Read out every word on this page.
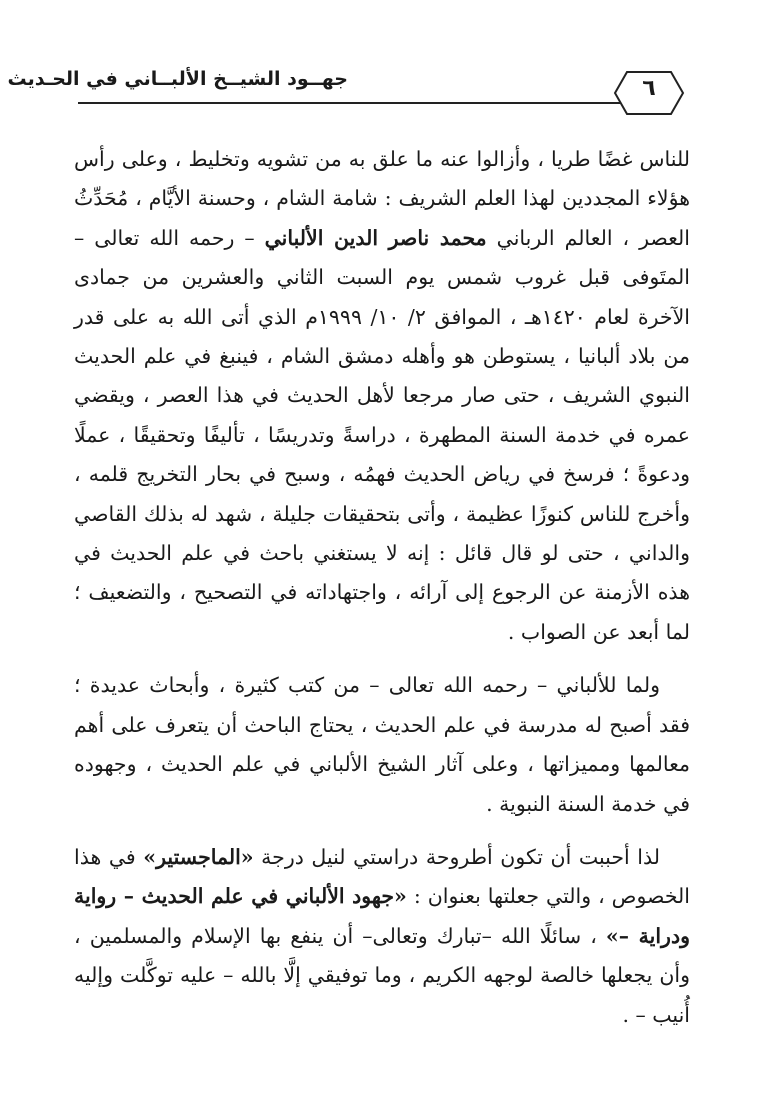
جهــود الشيــخ الألبــاني في الحـديث	٦

للناس غضًا طريا ، وأزالوا عنه ما علق به من تشويه وتخليط ، وعلى رأس هؤلاء المجددين لهذا العلم الشريف : شامة الشام ، وحسنة الأيَّام ، مُحَدِّثُ العصر ، العالم الرباني محمد ناصر الدين الألباني – رحمه الله تعالى – المتَوفى قبل غروب شمس يوم السبت الثاني والعشرين من جمادى الآخرة لعام ١٤٢٠هـ ، الموافق ٢/ ١٠/ ١٩٩٩م الذي أتى الله به على قدر من بلاد ألبانيا ، يستوطن هو وأهله دمشق الشام ، فينبغ في علم الحديث النبوي الشريف ، حتى صار مرجعا لأهل الحديث في هذا العصر ، ويقضي عمره في خدمة السنة المطهرة ، دراسةً وتدريسًا ، تأليفًا وتحقيقًا ، عملًا ودعوةً ؛ فرسخ في رياض الحديث فهمُه ، وسبح في بحار التخريج قلمه ، وأخرج للناس كنوزًا عظيمة ، وأتى بتحقيقات جليلة ، شهد له بذلك القاصي والداني ، حتى لو قال قائل : إنه لا يستغني باحث في علم الحديث في هذه الأزمنة عن الرجوع إلى آرائه ، واجتهاداته في التصحيح ، والتضعيف ؛ لما أبعد عن الصواب .

ولما للألباني – رحمه الله تعالى – من كتب كثيرة ، وأبحاث عديدة ؛ فقد أصبح له مدرسة في علم الحديث ، يحتاج الباحث أن يتعرف على أهم معالمها ومميزاتها ، وعلى آثار الشيخ الألباني في علم الحديث ، وجهوده في خدمة السنة النبوية .

لذا أحببت أن تكون أطروحة دراستي لنيل درجة «الماجستير» في هذا الخصوص ، والتي جعلتها بعنوان : «جهود الألباني في علم الحديث – رواية ودراية –» ، سائلًا الله –تبارك وتعالى– أن ينفع بها الإسلام والمسلمين ، وأن يجعلها خالصة لوجهه الكريم ، وما توفيقي إلَّا بالله – عليه توكَّلت وإليه أُنيب – .
